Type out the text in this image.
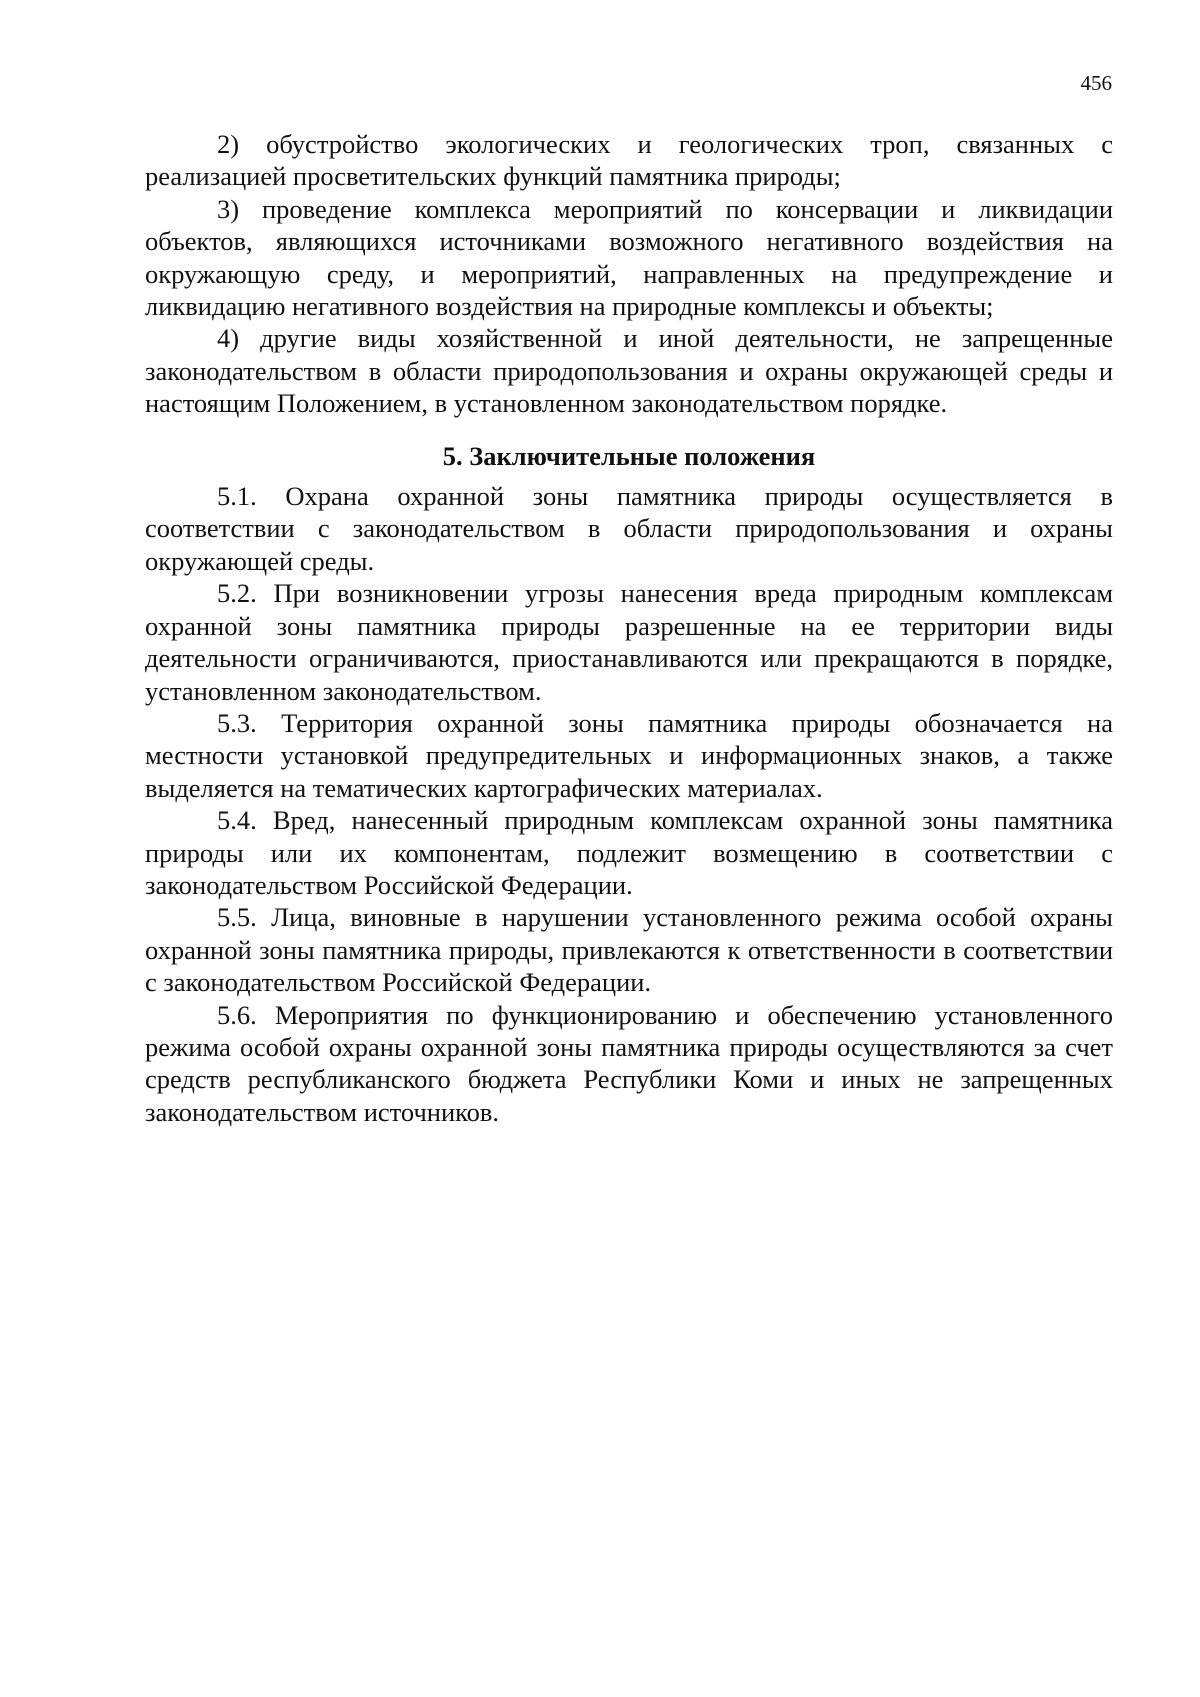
456

2) обустройство экологических и геологических троп, связанных с реализацией просветительских функций памятника природы;

3) проведение комплекса мероприятий по консервации и ликвидации объектов, являющихся источниками возможного негативного воздействия на окружающую среду, и мероприятий, направленных на предупреждение и ликвидацию негативного воздействия на природные комплексы и объекты;

4) другие виды хозяйственной и иной деятельности, не запрещенные законодательством в области природопользования и охраны окружающей среды и настоящим Положением, в установленном законодательством порядке.

5. Заключительные положения

5.1. Охрана охранной зоны памятника природы осуществляется в соответствии с законодательством в области природопользования и охраны окружающей среды.

5.2. При возникновении угрозы нанесения вреда природным комплексам охранной зоны памятника природы разрешенные на ее территории виды деятельности ограничиваются, приостанавливаются или прекращаются в порядке, установленном законодательством.

5.3. Территория охранной зоны памятника природы обозначается на местности установкой предупредительных и информационных знаков, а также выделяется на тематических картографических материалах.

5.4. Вред, нанесенный природным комплексам охранной зоны памятника природы или их компонентам, подлежит возмещению в соответствии с законодательством Российской Федерации.

5.5. Лица, виновные в нарушении установленного режима особой охраны охранной зоны памятника природы, привлекаются к ответственности в соответствии с законодательством Российской Федерации.

5.6. Мероприятия по функционированию и обеспечению установленного режима особой охраны охранной зоны памятника природы осуществляются за счет средств республиканского бюджета Республики Коми и иных не запрещенных законодательством источников.
